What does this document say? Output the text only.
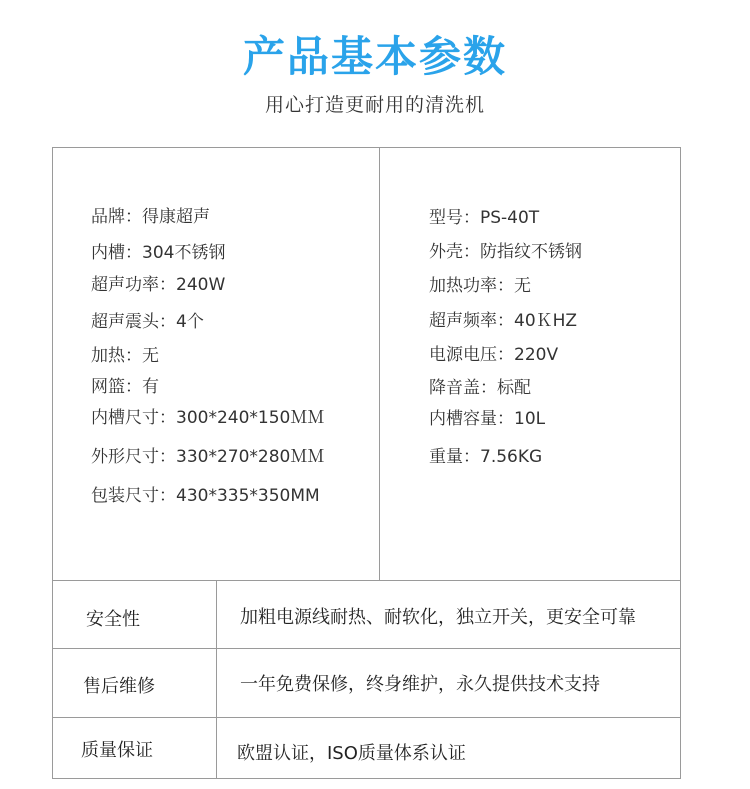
产品基本参数
用心打造更耐用的清洗机
品牌：得康超声
内槽：304不锈钢
超声功率：240W
超声震头：4个
加热：无
网篮：有
内槽尺寸：300*240*150ＭＭ
外形尺寸：330*270*280ＭＭ
包装尺寸：430*335*350MM
型号：PS-40T
外壳：防指纹不锈钢
加热功率：无
超声频率：40ＫHZ
电源电压：220V
降音盖：标配
内槽容量：10L
重量：7.56KG
安全性	加粗电源线耐热、耐软化，独立开关，更安全可靠
售后维修	一年免费保修，终身维护，永久提供技术支持
质量保证	欧盟认证，ISO质量体系认证
